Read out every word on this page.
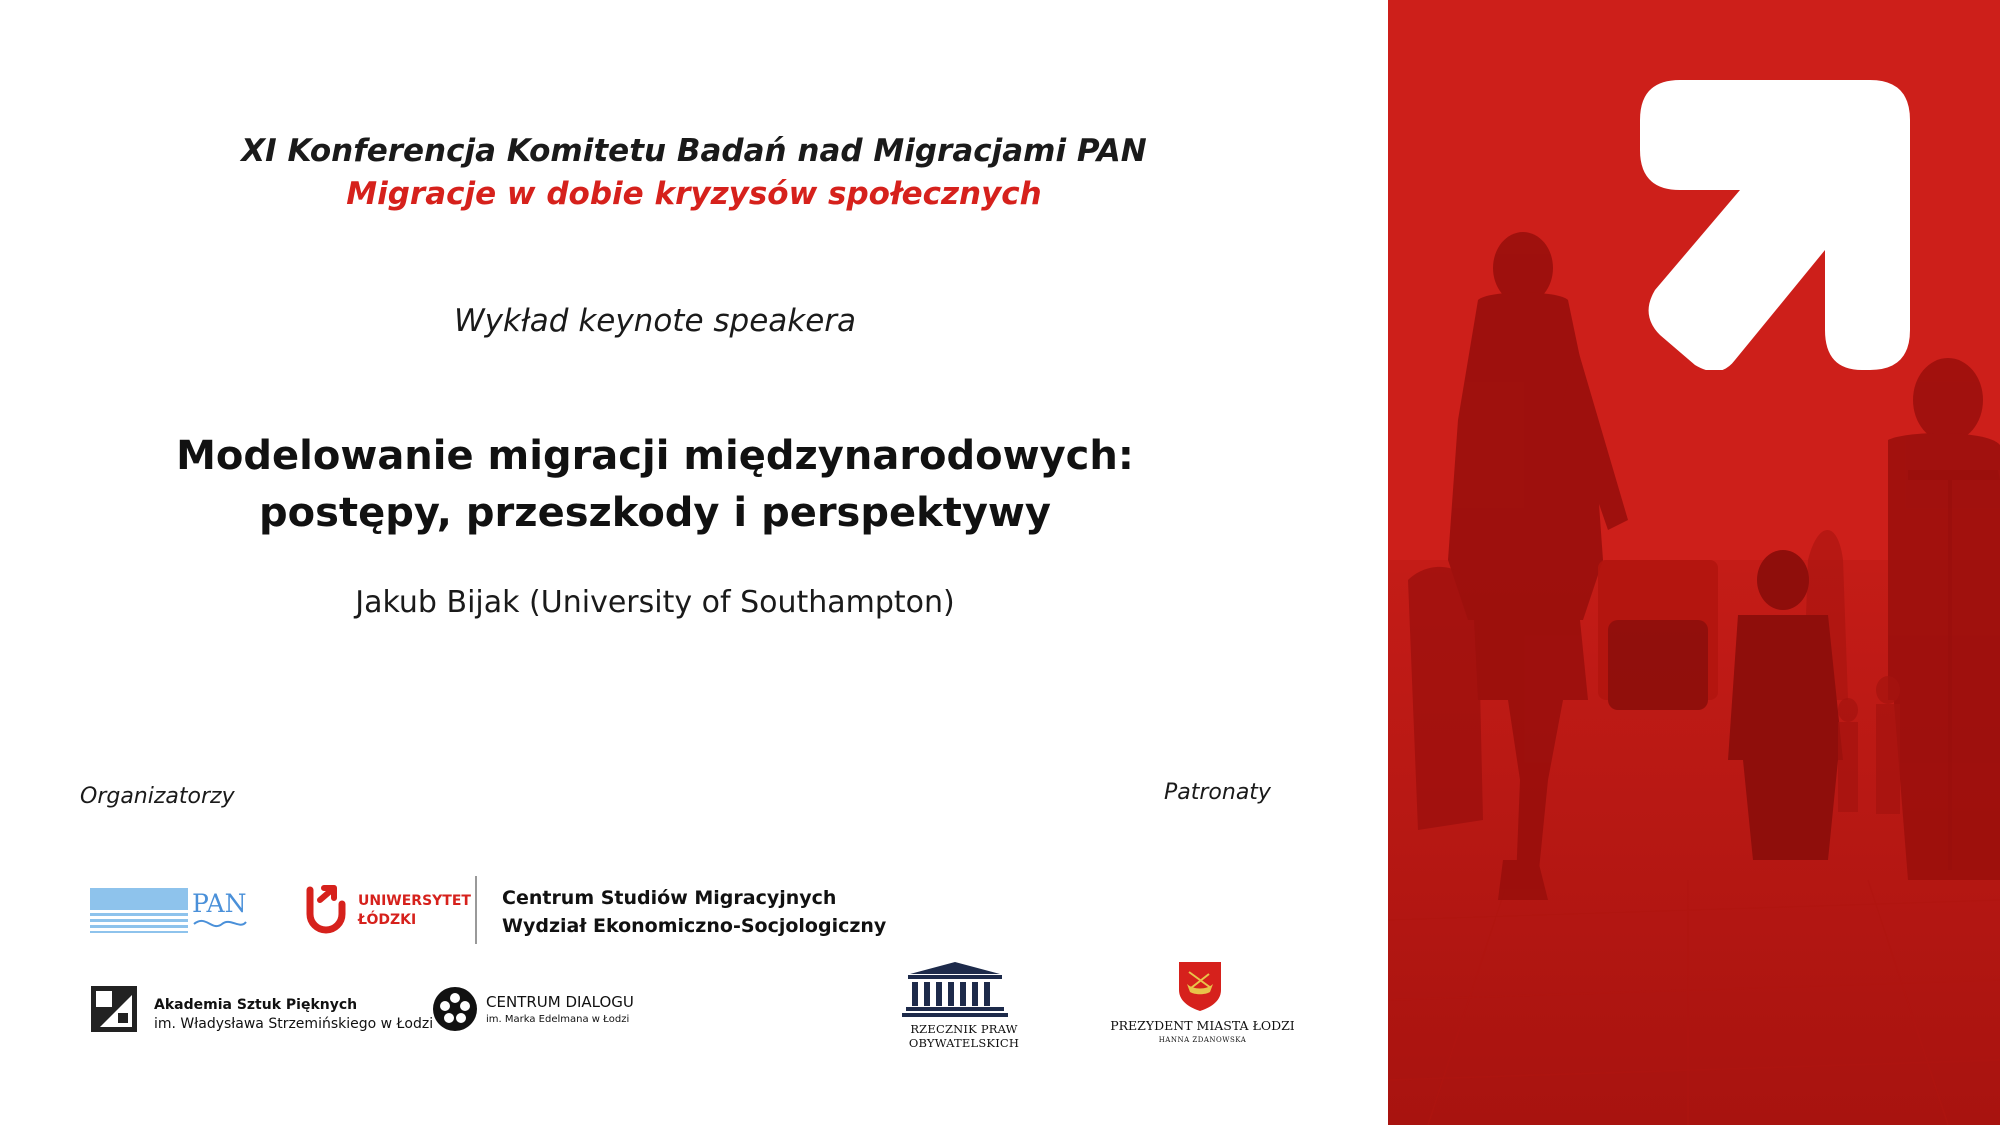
XI Konferencja Komitetu Badań nad Migracjami PAN
Migracje w dobie kryzysów społecznych
Wykład keynote speakera
Modelowanie migracji międzynarodowych:
postępy, przeszkody i perspektywy
Jakub Bijak (University of Southampton)
Organizatorzy	Patronaty
PAN	UNIWERSYTET
ŁÓDZKI
Centrum Studiów Migracyjnych
Wydział Ekonomiczno-Socjologiczny
Akademia Sztuk Pięknych
im. Władysława Strzemińskiego w Łodzi
CENTRUM DIALOGU
im. Marka Edelmana w Łodzi
RZECZNIK PRAW OBYWATELSKICH
PREZYDENT MIASTA ŁODZI
HANNA ZDANOWSKA
